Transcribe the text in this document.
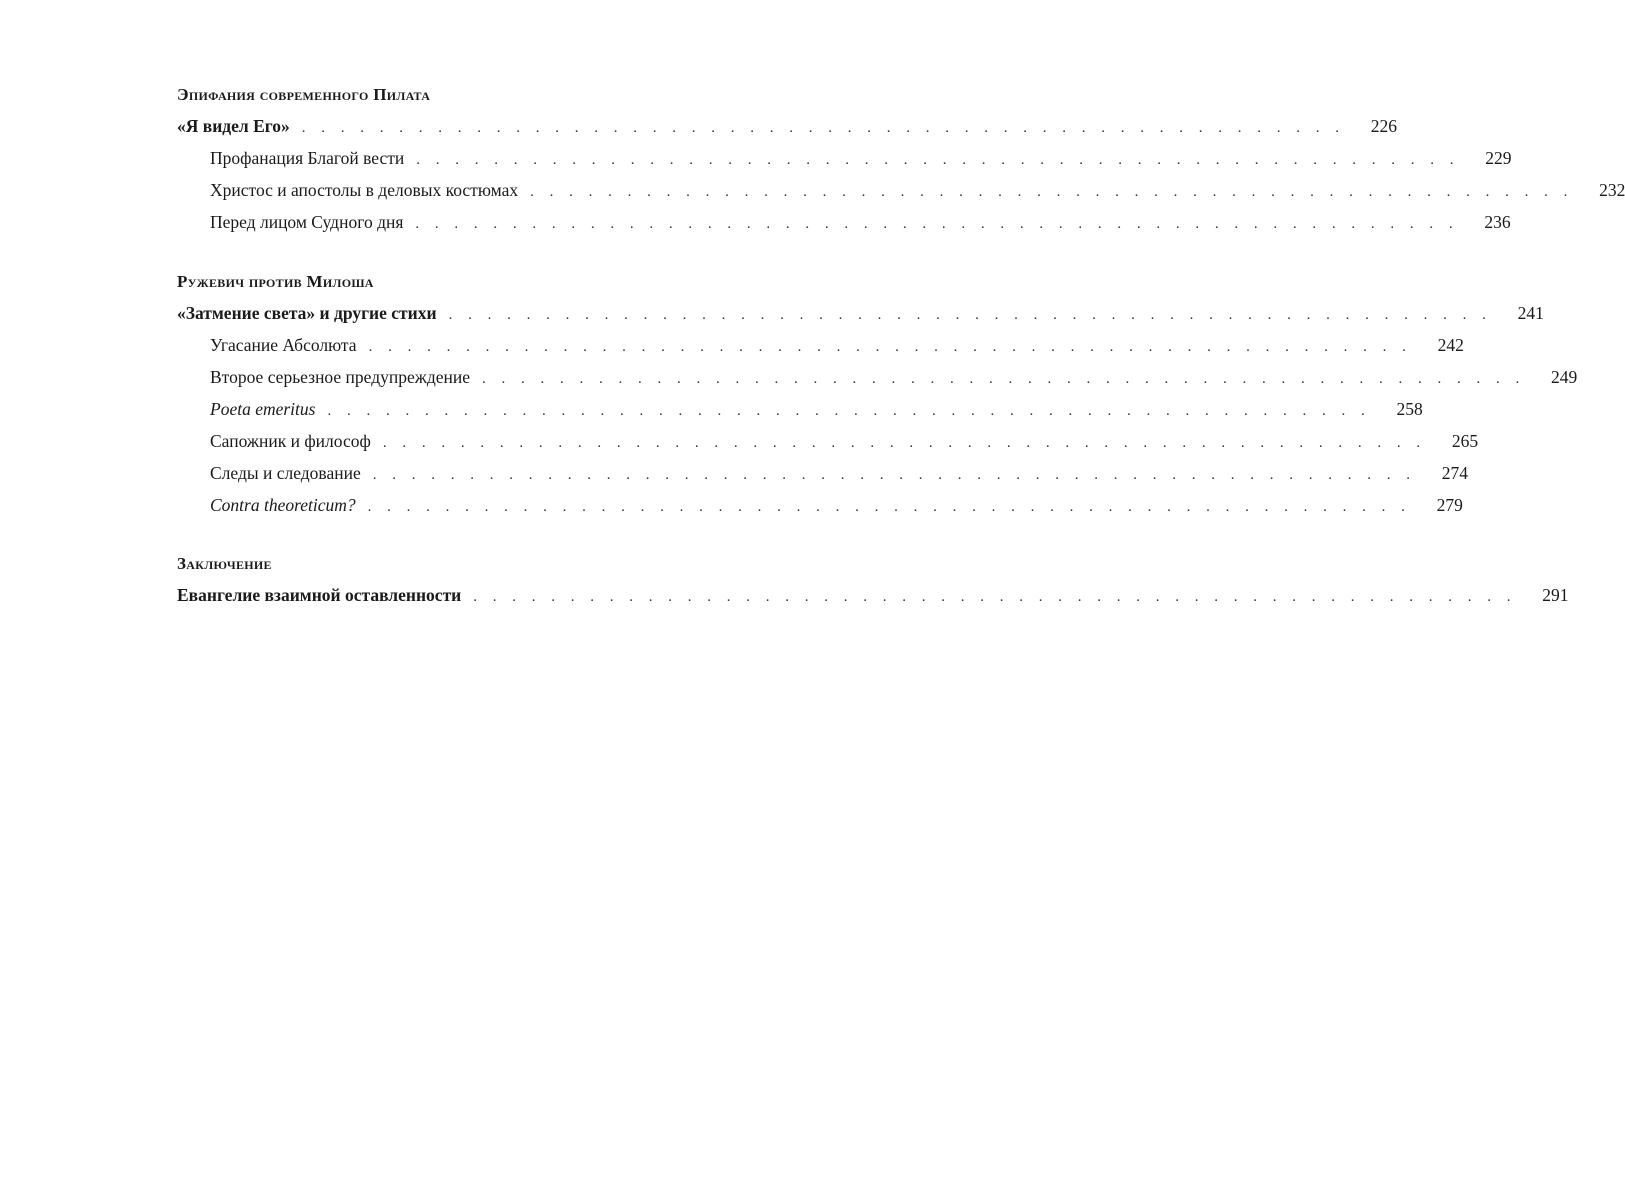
Эпифания современного Пилата
«Я видел Его» . . . . . . . . . . . . . . . . . . . . . . . . . . . . . . . . . . . . . . . . . . . . . . . . . . . . . .	226
Профанация Благой вести . . . . . . . . . . . . . . . . . . . . . . . . . . . . . . . . . . . . . . . . . . . . . . . . . . . . . .	229
Христос и апостолы в деловых костюмах . . . . . . . . . . . . . . . . . . . . . . . . . . . . . . . . . . . . . . . . . . . . . . . . . . . . . .	232
Перед лицом Судного дня . . . . . . . . . . . . . . . . . . . . . . . . . . . . . . . . . . . . . . . . . . . . . . . . . . . . . .	236
Ружевич против Милоша
«Затмение света» и другие стихи . . . . . . . . . . . . . . . . . . . . . . . . . . . . . . . . . . . . . . . . . . . . . . . . . . . . . .	241
Угасание Абсолюта . . . . . . . . . . . . . . . . . . . . . . . . . . . . . . . . . . . . . . . . . . . . . . . . . . . . . .	242
Второе серьезное предупреждение . . . . . . . . . . . . . . . . . . . . . . . . . . . . . . . . . . . . . . . . . . . . . . . . . . . . . .	249
Poeta emeritus . . . . . . . . . . . . . . . . . . . . . . . . . . . . . . . . . . . . . . . . . . . . . . . . . . . . . .	258
Сапожник и философ . . . . . . . . . . . . . . . . . . . . . . . . . . . . . . . . . . . . . . . . . . . . . . . . . . . . . .	265
Следы и следование . . . . . . . . . . . . . . . . . . . . . . . . . . . . . . . . . . . . . . . . . . . . . . . . . . . . . .	274
Contra theoreticum? . . . . . . . . . . . . . . . . . . . . . . . . . . . . . . . . . . . . . . . . . . . . . . . . . . . . . .	279
Заключение
Евангелие взаимной оставленности . . . . . . . . . . . . . . . . . . . . . . . . . . . . . . . . . . . . . . . . . . . . . . . . . . . . . .	291
